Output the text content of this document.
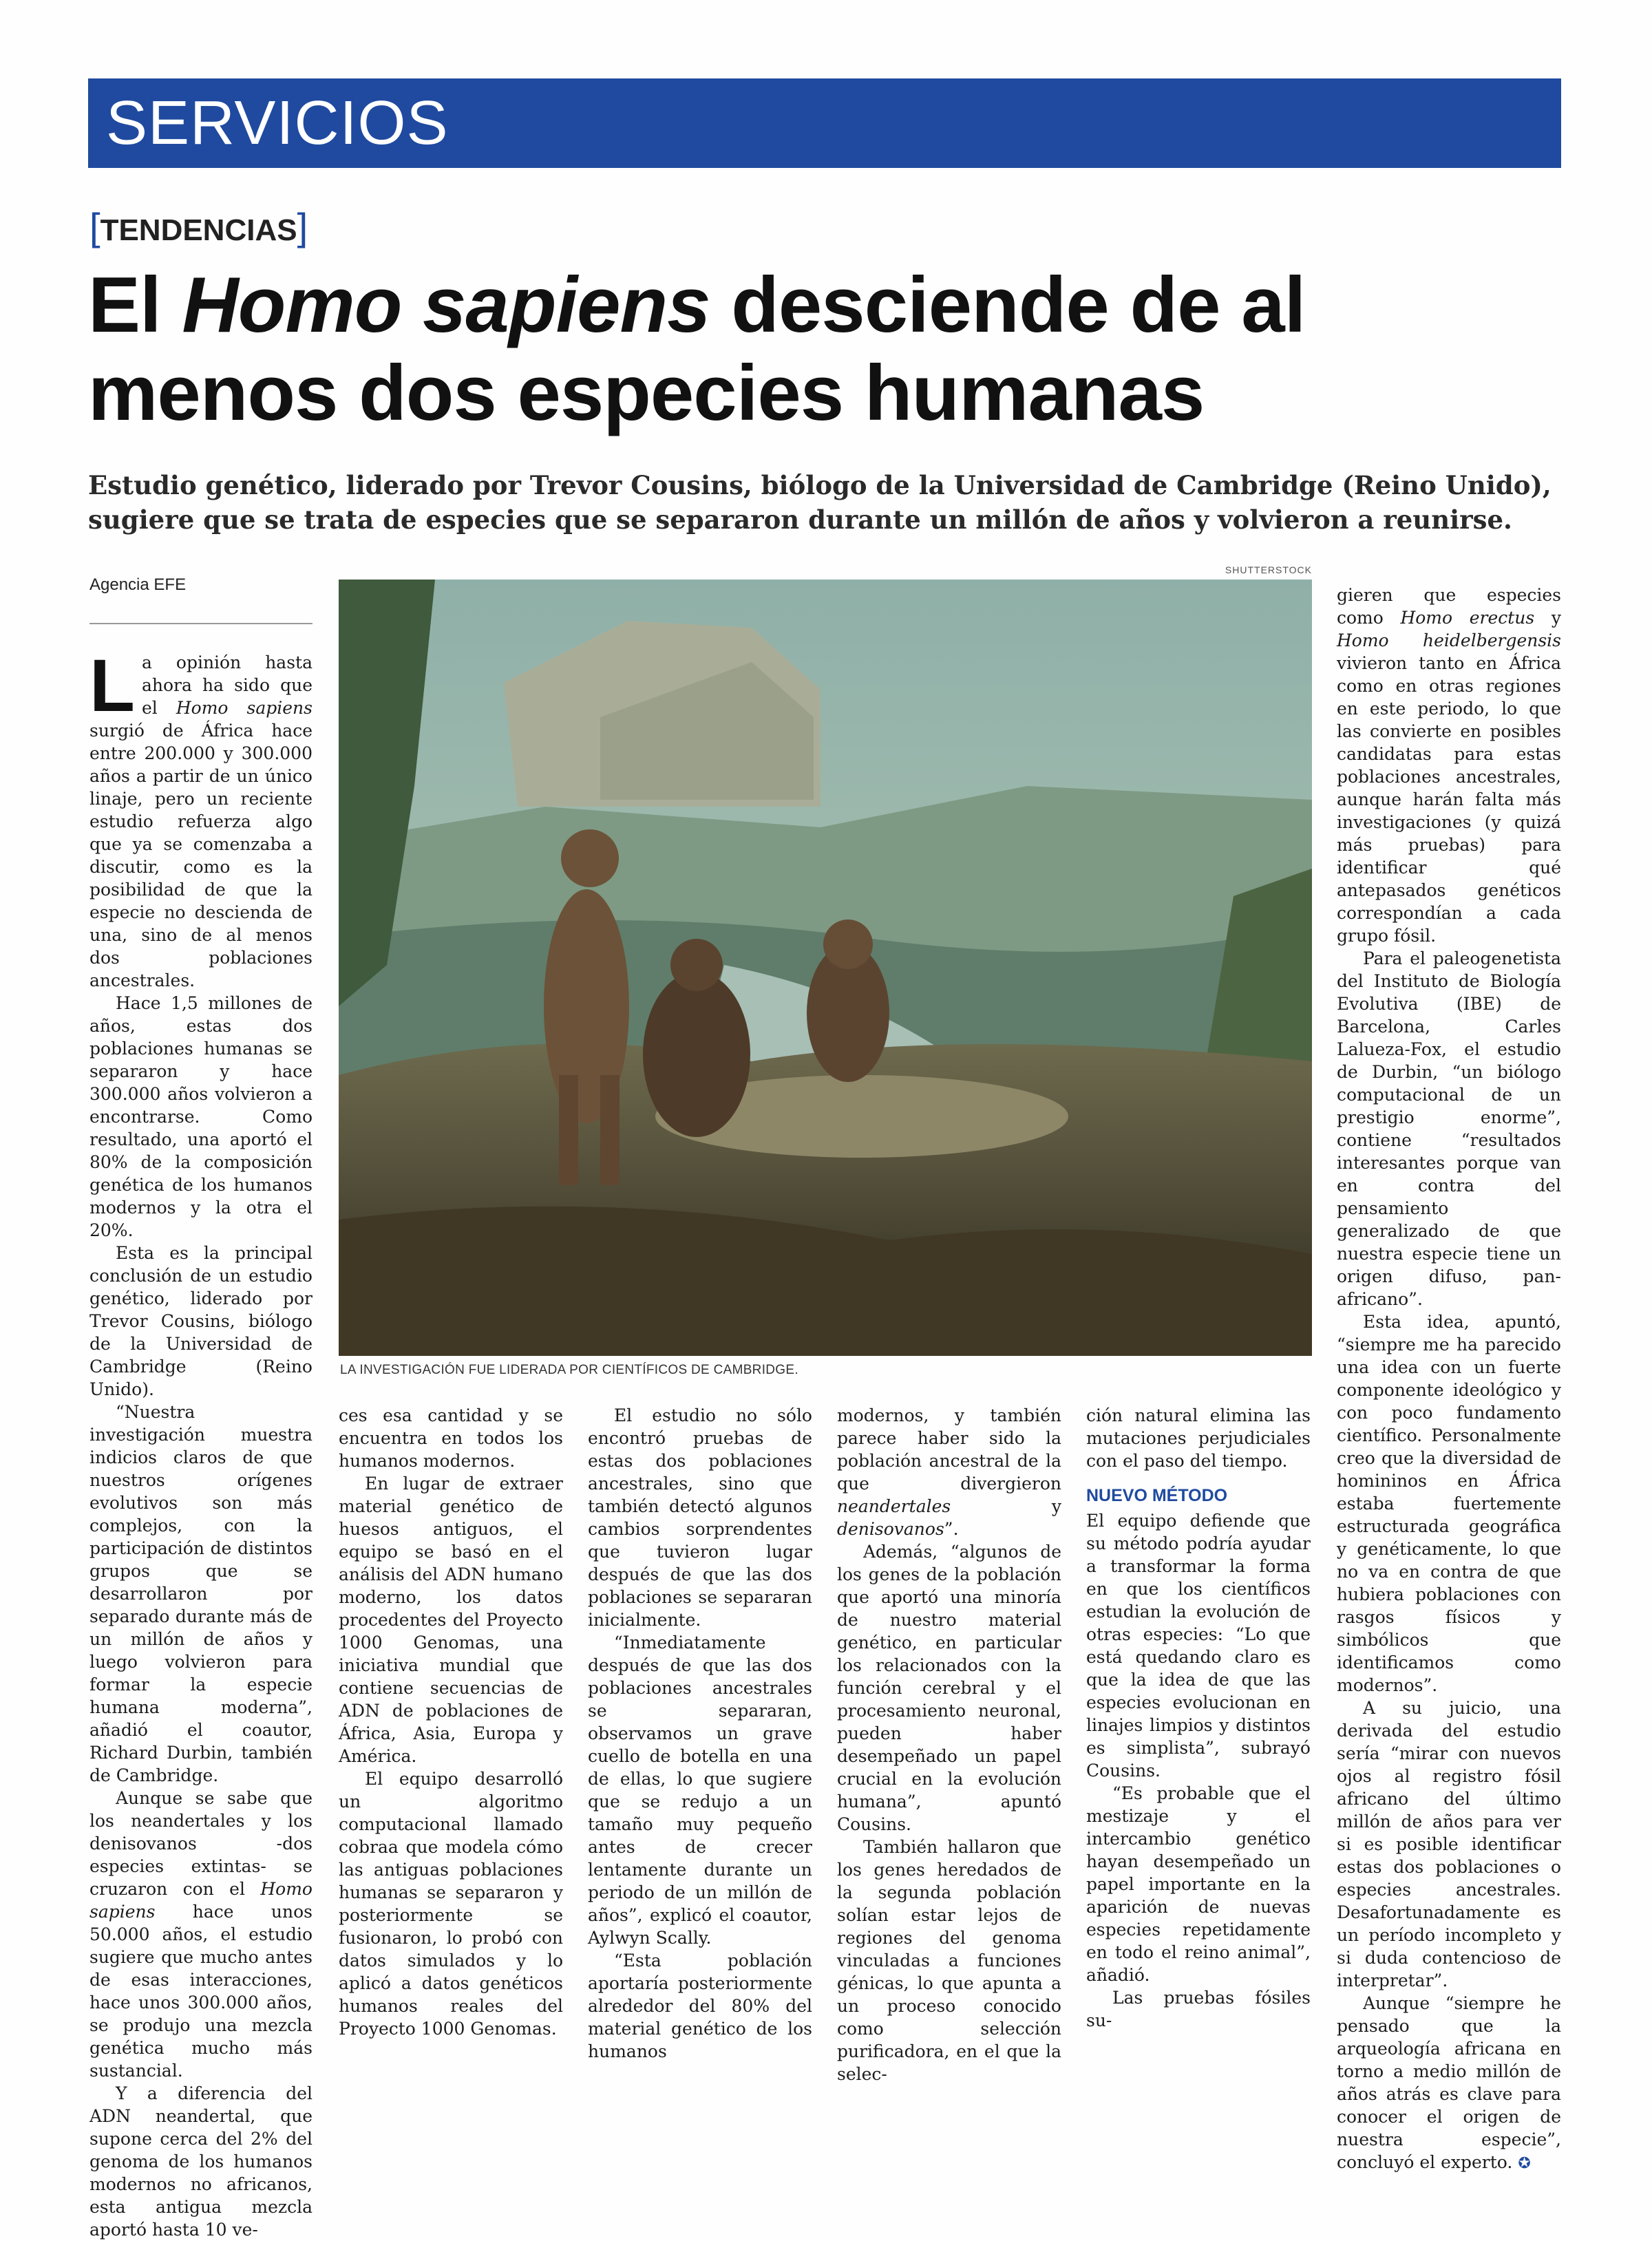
SERVICIOS
[TENDENCIAS]
El Homo sapiens desciende de al menos dos especies humanas

Estudio genético, liderado por Trevor Cousins, biólogo de la Universidad de Cambridge (Reino Unido), sugiere que se trata de especies que se separaron durante un millón de años y volvieron a reunirse.

Agencia EFE
SHUTTERSTOCK
LA INVESTIGACIÓN FUE LIDERADA POR CIENTÍFICOS DE CAMBRIDGE.

La opinión hasta ahora ha sido que el Homo sapiens surgió de África hace entre 200.000 y 300.000 años a partir de un único linaje, pero un reciente estudio refuerza algo que ya se comenzaba a discutir, como es la posibilidad de que la especie no descienda de una, sino de al menos dos poblaciones ancestrales.

Hace 1,5 millones de años, estas dos poblaciones humanas se separaron y hace 300.000 años volvieron a encontrarse. Como resultado, una aportó el 80% de la composición genética de los humanos modernos y la otra el 20%.

Esta es la principal conclusión de un estudio genético, liderado por Trevor Cousins, biólogo de la Universidad de Cambridge (Reino Unido).

“Nuestra investigación muestra indicios claros de que nuestros orígenes evolutivos son más complejos, con la participación de distintos grupos que se desarrollaron por separado durante más de un millón de años y luego volvieron para formar la especie humana moderna”, añadió el coautor, Richard Durbin, también de Cambridge.

Aunque se sabe que los neandertales y los denisovanos -dos especies extintas- se cruzaron con el Homo sapiens hace unos 50.000 años, el estudio sugiere que mucho antes de esas interacciones, hace unos 300.000 años, se produjo una mezcla genética mucho más sustancial.

Y a diferencia del ADN neandertal, que supone cerca del 2% del genoma de los humanos modernos no africanos, esta antigua mezcla aportó hasta 10 ve-

ces esa cantidad y se encuentra en todos los humanos modernos.

En lugar de extraer material genético de huesos antiguos, el equipo se basó en el análisis del ADN humano moderno, los datos procedentes del Proyecto 1000 Genomas, una iniciativa mundial que contiene secuencias de ADN de poblaciones de África, Asia, Europa y América.

El equipo desarrolló un algoritmo computacional llamado cobraa que modela cómo las antiguas poblaciones humanas se separaron y posteriormente se fusionaron, lo probó con datos simulados y lo aplicó a datos genéticos humanos reales del Proyecto 1000 Genomas.

El estudio no sólo encontró pruebas de estas dos poblaciones ancestrales, sino que también detectó algunos cambios sorprendentes que tuvieron lugar después de que las dos poblaciones se separaran inicialmente.

“Inmediatamente después de que las dos poblaciones ancestrales se separaran, observamos un grave cuello de botella en una de ellas, lo que sugiere que se redujo a un tamaño muy pequeño antes de crecer lentamente durante un periodo de un millón de años”, explicó el coautor, Aylwyn Scally.

“Esta población aportaría posteriormente alrededor del 80% del material genético de los humanos

modernos, y también parece haber sido la población ancestral de la que divergieron neandertales y denisovanos”.

Además, “algunos de los genes de la población que aportó una minoría de nuestro material genético, en particular los relacionados con la función cerebral y el procesamiento neuronal, pueden haber desempeñado un papel crucial en la evolución humana”, apuntó Cousins.

También hallaron que los genes heredados de la segunda población solían estar lejos de regiones del genoma vinculadas a funciones génicas, lo que apunta a un proceso conocido como selección purificadora, en el que la selec-

ción natural elimina las mutaciones perjudiciales con el paso del tiempo.

NUEVO MÉTODO

El equipo defiende que su método podría ayudar a transformar la forma en que los científicos estudian la evolución de otras especies: “Lo que está quedando claro es que la idea de que las especies evolucionan en linajes limpios y distintos es simplista”, subrayó Cousins.

“Es probable que el mestizaje y el intercambio genético hayan desempeñado un papel importante en la aparición de nuevas especies repetidamente en todo el reino animal”, añadió.

Las pruebas fósiles su-

gieren que especies como Homo erectus y Homo heidelbergensis vivieron tanto en África como en otras regiones en este periodo, lo que las convierte en posibles candidatas para estas poblaciones ancestrales, aunque harán falta más investigaciones (y quizá más pruebas) para identificar qué antepasados genéticos correspondían a cada grupo fósil.

Para el paleogenetista del Instituto de Biología Evolutiva (IBE) de Barcelona, Carles Lalueza-Fox, el estudio de Durbin, “un biólogo computacional de un prestigio enorme”, contiene “resultados interesantes porque van en contra del pensamiento generalizado de que nuestra especie tiene un origen difuso, pan-africano”.

Esta idea, apuntó, “siempre me ha parecido una idea con un fuerte componente ideológico y con poco fundamento científico. Personalmente creo que la diversidad de homininos en África estaba fuertemente estructurada geográfica y genéticamente, lo que no va en contra de que hubiera poblaciones con rasgos físicos y simbólicos que identificamos como modernos”.

A su juicio, una derivada del estudio sería “mirar con nuevos ojos al registro fósil africano del último millón de años para ver si es posible identificar estas dos poblaciones o especies ancestrales. Desafortunadamente es un período incompleto y si duda contencioso de interpretar”.

Aunque “siempre he pensado que la arqueología africana en torno a medio millón de años atrás es clave para conocer el origen de nuestra especie”, concluyó el experto. ✪
